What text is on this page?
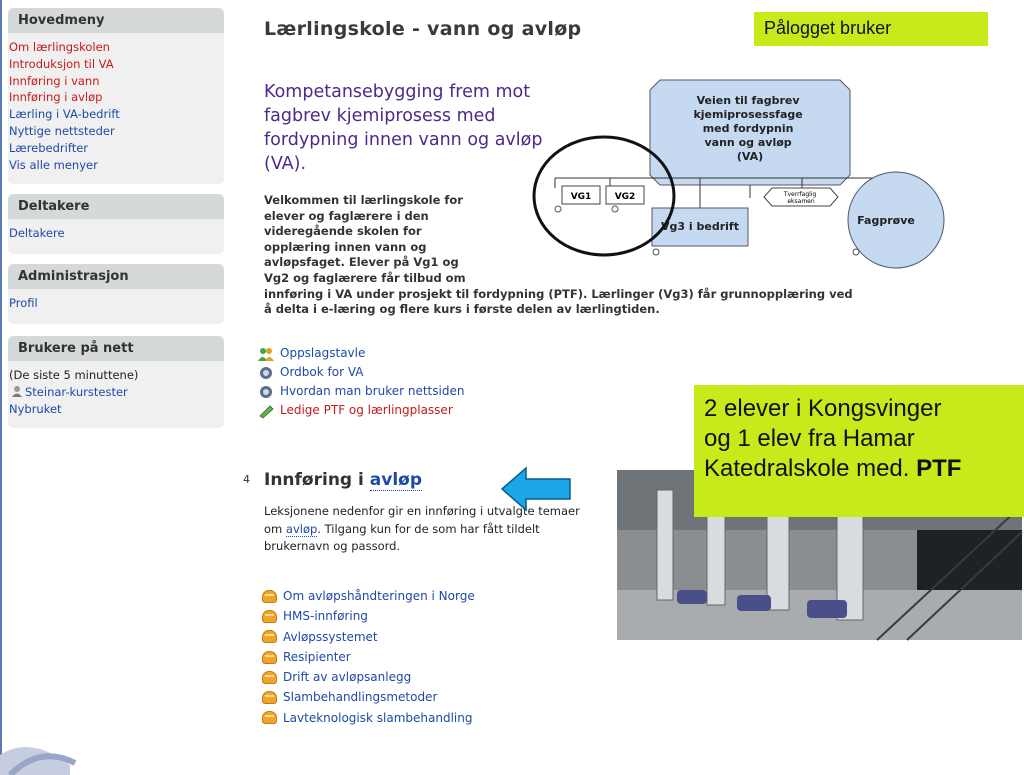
Hovedmeny
Om lærlingskolen
Introduksjon til VA
Innføring i vann
Innføring i avløp
Lærling i VA-bedrift
Nyttige nettsteder
Lærebedrifter
Vis alle menyer
Deltakere
Deltakere
Administrasjon
Profil
Brukere på nett
(De siste 5 minuttene)
Steinar-kurstester
Nybruket
Lærlingskole - vann og avløp	Pålogget bruker
Kompetansebygging frem mot fagbrev kjemiprosess med fordypning innen vann og avløp (VA).
Velkommen til lærlingskole for
elever og faglærere i den
videregående skolen for
opplæring innen vann og
avløpsfaget. Elever på Vg1 og
Vg2 og faglærere får tilbud om
innføring i VA under prosjekt til fordypning (PTF). Lærlinger (Vg3) får grunnopplæring ved
å delta i e-læring og flere kurs i første delen av lærlingtiden.
Veien til fagbrev kjemiprosessfage med fordypnin vann og avløp (VA)
VG1	VG2
Vg3 i bedrift
Tverrfaglig eksamen
Fagprøve
Oppslagstavle
Ordbok for VA
Hvordan man bruker nettsiden
Ledige PTF og lærlingplasser	2 elever i Kongsvinger
og 1 elev fra Hamar
Katedralskole med. PTF
4 Innføring i avløp
Leksjonene nedenfor gir en innføring i utvalgte temaer om avløp. Tilgang kun for de som har fått tildelt brukernavn og passord.
Om avløpshåndteringen i Norge
HMS-innføring
Avløpssystemet
Resipienter
Drift av avløpsanlegg
Slambehandlingsmetoder
Lavteknologisk slambehandling
